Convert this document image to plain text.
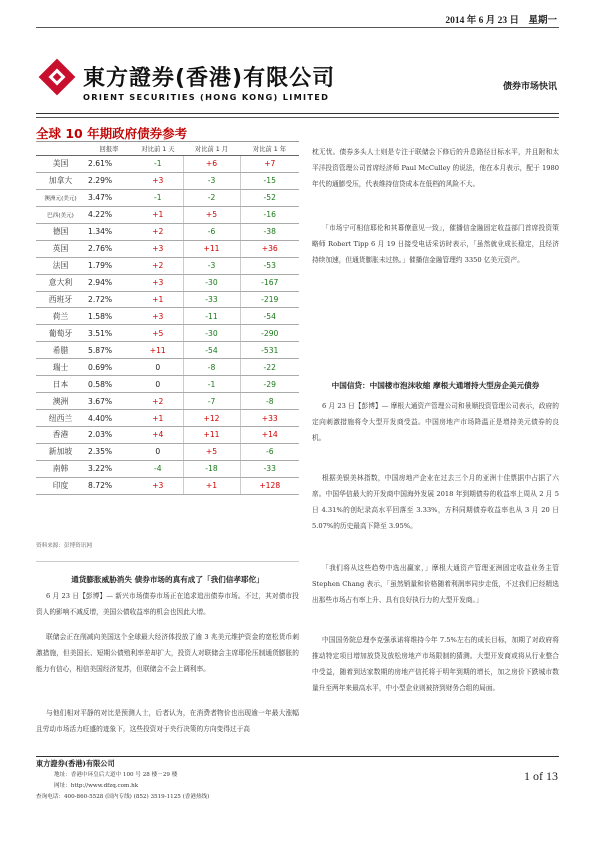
2014 年 6 月 23 日　星期一
東方證券(香港)有限公司
ORIENT SECURITIES (HONG KONG) LIMITED
债券市场快讯
全球 10 年期政府债券参考
	回报率	对比前 1 天	对比前 1 月	对比前 1 年
美国	2.61%	-1	+6	+7
加拿大	2.29%	+3	-3	-15
澳洲元(美元)	3.47%	-1	-2	-52
巴西(美元)	4.22%	+1	+5	-16
德国	1.34%	+2	-6	-38
英国	2.76%	+3	+11	+36
法国	1.79%	+2	-3	-53
意大利	2.94%	+3	-30	-167
西班牙	2.72%	+1	-33	-219
荷兰	1.58%	+3	-11	-54
葡萄牙	3.51%	+5	-30	-290
希腊	5.87%	+11	-54	-531
瑞士	0.69%	0	-8	-22
日本	0.58%	0	-1	-29
澳洲	3.67%	+2	-7	-8
纽西兰	4.40%	+1	+12	+33
香港	2.03%	+4	+11	+14
新加坡	2.35%	0	+5	-6
南韩	3.22%	-4	-18	-33
印度	8.72%	+3	+1	+128
资料来源：彭博资讯网
通货膨胀威胁消失 债券市场的真有成了「我们信孝耶佗」
6 月 23 日【彭博】— 新兴市场债券市场正在追求追出债券市场。不过，其对债市投资人的影响不减反增，美国公债收益率的机会也因此大增。
联储会正在削减向美国这个全球最大经济体投放了逾 3 兆美元维护资金的宽松货币刺激措施，但美国长、短期公债殖利率差却扩大，投资人对联储会主席耶伦压制通货膨胀的能力有信心，相信美国经济复苏，但联储会不会上调利率。
与他们相对平静的对比是预测人士，后者认为，在消费者物价也出现逾一年最大涨幅且劳动市场活力旺盛的迹象下，这些投资对于央行决策的方向变得过于高
枕无忧。债券多头人士则是专注于联储会下修后的升息路径目标水平，并且附和太平洋投资管理公司首席经济师 Paul McCulley 的说法，他在本月表示，配于 1980 年代的通膨受压，代表维持信贷成本在低档的风险不大。
「市场宁可相信耶伦和其幕僚意见一致」，催播信金融固定收益部门首席投资策略师 Robert Tipp 6 月 19 日接受电话采访时表示，「虽然就业成长稳定，且经济持续加速，但通货膨胀未过热。」催播信金融管理约 3350 亿美元资产。
中国信贷：中国楼市泡沫收缩 摩根大通增持大型房企美元债券
6 月 23 日【彭博】— 摩根大通资产管理公司和景顺投资管理公司表示，政府的定向刺激措施将令大型开发商受益。中国房地产市场降温正是增持美元债券的良机。
根据美银美林指数，中国房地产企业在过去三个月的亚洲十佳票据中占据了六席。中国华信最大的开发商中国海外发展 2018 年到期债券的收益率上周从 2 月 5 日 4.31%的创纪录高水平回落至 3.33%，方科同期债券收益率也从 3 月 20 日 5.07%的历史最高下降至 3.95%。
「我们将从这些趋势中选出赢家，」摩根大通资产管理亚洲固定收益业务主管 Stephen Chang 表示，「虽然销量和价格随着利润率同步走低，不过我们已经精选出那些市场占有率上升、具有良好执行力的大型开发商。」
中国国务院总理李克强承诺将维持今年 7.5%左右的成长目标，加期了对政府将推动特定项目增加放贷及放松房地产市场限制的猜测。大型开发商或将从行业整合中受益，随着到达家数期的房地产信托将于明年到期的增长，加之房价下跌城市数量升至两年来最高水平，中小型企业则被挤到财务合组的局面。
東方證券(香港)有限公司
地址：香港中环皇后大道中 100 号 28 楼－29 楼
网址：http://www.dfzq.com.hk
查询电话：400-860-5528 (国内专线) (852) 3519-1125 (香港热线)
1 of 13
